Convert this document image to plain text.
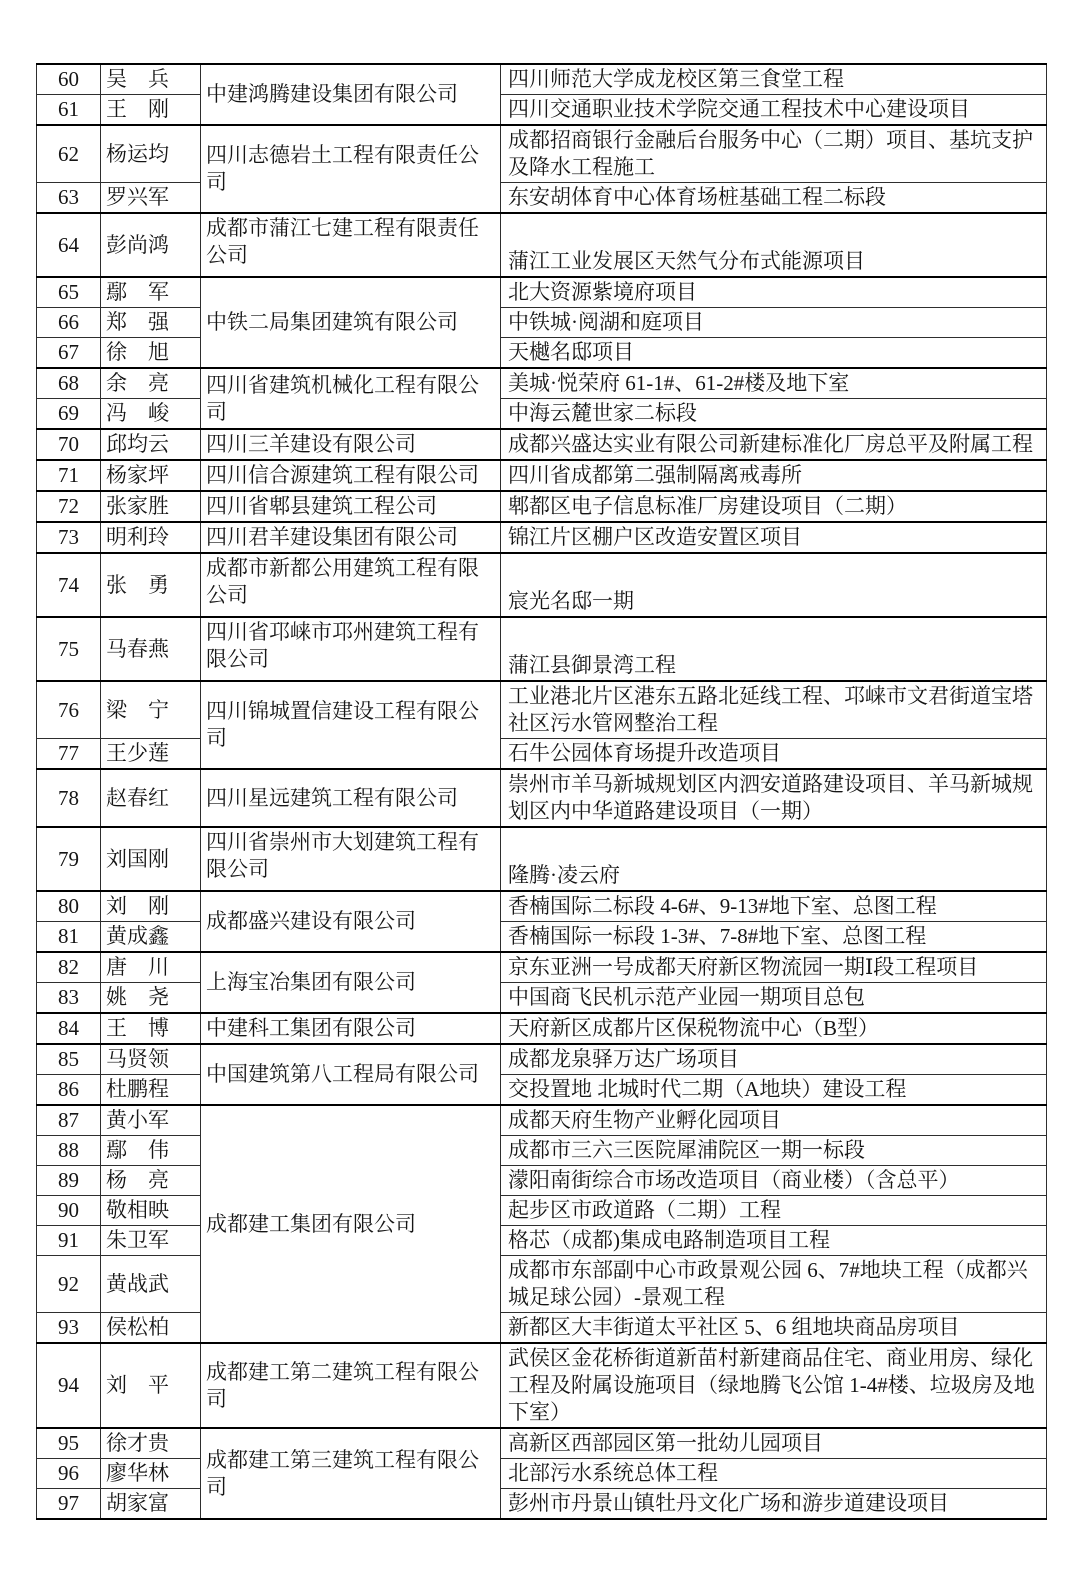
60	吴　兵	中建鸿腾建设集团有限公司	四川师范大学成龙校区第三食堂工程
61	王　刚		四川交通职业技术学院交通工程技术中心建设项目
62	杨运均	四川志德岩土工程有限责任公司	成都招商银行金融后台服务中心（二期）项目、基坑支护及降水工程施工
63	罗兴军		东安胡体育中心体育场桩基础工程二标段
64	彭尚鸿	成都市蒲江七建工程有限责任公司	蒲江工业发展区天然气分布式能源项目
65	鄢　军	中铁二局集团建筑有限公司	北大资源紫境府项目
66	郑　强		中铁城·阅湖和庭项目
67	徐　旭		天樾名邸项目
68	余　亮	四川省建筑机械化工程有限公司	美城·悦荣府 61-1#、61-2#楼及地下室
69	冯　峻		中海云麓世家二标段
70	邱均云	四川三羊建设有限公司	成都兴盛达实业有限公司新建标准化厂房总平及附属工程
71	杨家坪	四川信合源建筑工程有限公司	四川省成都第二强制隔离戒毒所
72	张家胜	四川省郫县建筑工程公司	郫都区电子信息标准厂房建设项目（二期）
73	明利玲	四川君羊建设集团有限公司	锦江片区棚户区改造安置区项目
74	张　勇	成都市新都公用建筑工程有限公司	宸光名邸一期
75	马春燕	四川省邛崃市邛州建筑工程有限公司	蒲江县御景湾工程
76	梁　宁	四川锦城置信建设工程有限公司	工业港北片区港东五路北延线工程、邛崃市文君街道宝塔社区污水管网整治工程
77	王少莲		石牛公园体育场提升改造项目
78	赵春红	四川星远建筑工程有限公司	崇州市羊马新城规划区内泗安道路建设项目、羊马新城规划区内中华道路建设项目（一期）
79	刘国刚	四川省崇州市大划建筑工程有限公司	隆腾·凌云府
80	刘　刚	成都盛兴建设有限公司	香楠国际二标段 4-6#、9-13#地下室、总图工程
81	黄成鑫		香楠国际一标段 1-3#、7-8#地下室、总图工程
82	唐　川	上海宝冶集团有限公司	京东亚洲一号成都天府新区物流园一期Ⅰ段工程项目
83	姚　尧		中国商飞民机示范产业园一期项目总包
84	王　博	中建科工集团有限公司	天府新区成都片区保税物流中心（B型）
85	马贤领	中国建筑第八工程局有限公司	成都龙泉驿万达广场项目
86	杜鹏程		交投置地 北城时代二期（A地块）建设工程
87	黄小军	成都建工集团有限公司	成都天府生物产业孵化园项目
88	鄢　伟		成都市三六三医院犀浦院区一期一标段
89	杨　亮		濛阳南街综合市场改造项目（商业楼）（含总平）
90	敬相映		起步区市政道路（二期）工程
91	朱卫军		格芯（成都)集成电路制造项目工程
92	黄战武		成都市东部副中心市政景观公园 6、7#地块工程（成都兴城足球公园）-景观工程
93	侯松柏		新都区大丰街道太平社区 5、6 组地块商品房项目
94	刘　平	成都建工第二建筑工程有限公司	武侯区金花桥街道新苗村新建商品住宅、商业用房、绿化工程及附属设施项目（绿地腾飞公馆 1-4#楼、垃圾房及地下室）
95	徐才贵	成都建工第三建筑工程有限公司	高新区西部园区第一批幼儿园项目
96	廖华林		北部污水系统总体工程
97	胡家富		彭州市丹景山镇牡丹文化广场和游步道建设项目
